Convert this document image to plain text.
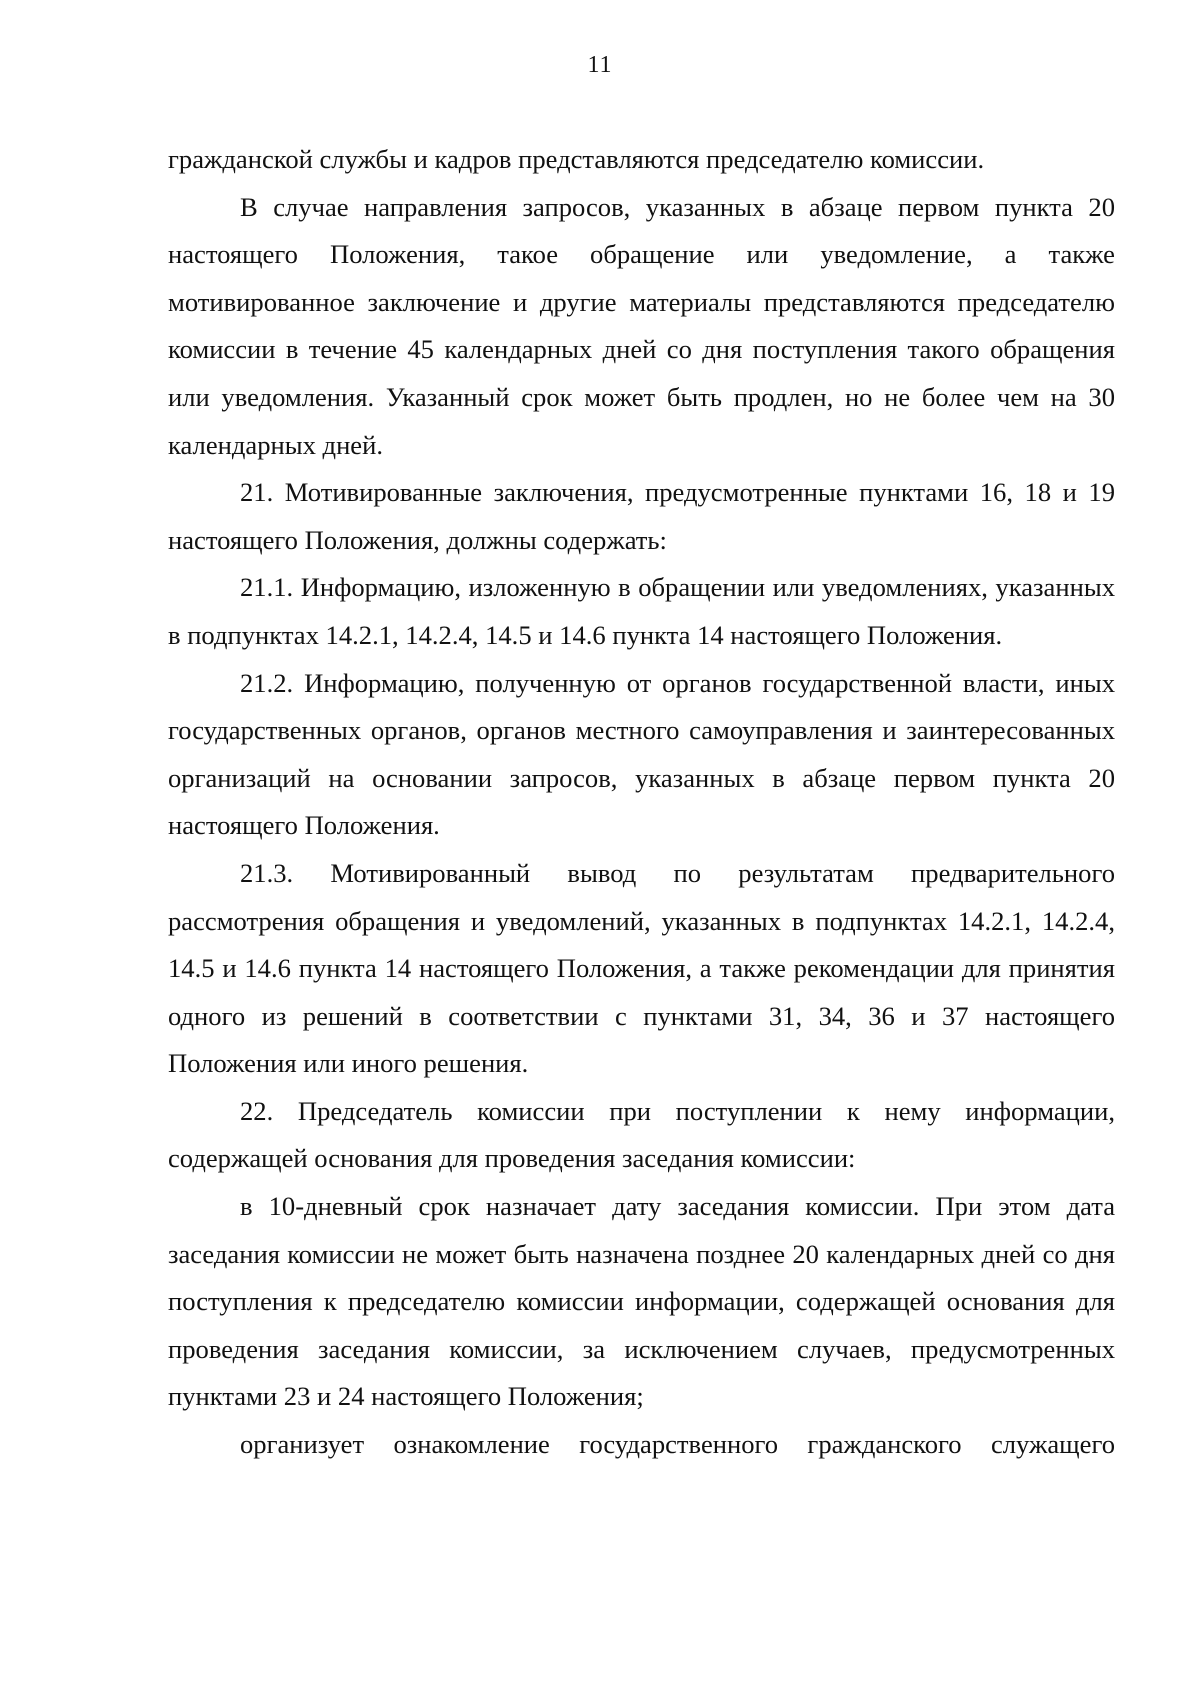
11

гражданской службы и кадров представляются председателю комиссии.

В случае направления запросов, указанных в абзаце первом пункта 20 настоящего Положения, такое обращение или уведомление, а также мотивированное заключение и другие материалы представляются председателю комиссии в течение 45 календарных дней со дня поступления такого обращения или уведомления. Указанный срок может быть продлен, но не более чем на 30 календарных дней.

21. Мотивированные заключения, предусмотренные пунктами 16, 18 и 19 настоящего Положения, должны содержать:

21.1. Информацию, изложенную в обращении или уведомлениях, указанных в подпунктах 14.2.1, 14.2.4, 14.5 и 14.6 пункта 14 настоящего Положения.

21.2. Информацию, полученную от органов государственной власти, иных государственных органов, органов местного самоуправления и заинтересованных организаций на основании запросов, указанных в абзаце первом пункта 20 настоящего Положения.

21.3. Мотивированный вывод по результатам предварительного рассмотрения обращения и уведомлений, указанных в подпунктах 14.2.1, 14.2.4, 14.5 и 14.6 пункта 14 настоящего Положения, а также рекомендации для принятия одного из решений в соответствии с пунктами 31, 34, 36 и 37 настоящего Положения или иного решения.

22. Председатель комиссии при поступлении к нему информации, содержащей основания для проведения заседания комиссии:

в 10-дневный срок назначает дату заседания комиссии. При этом дата заседания комиссии не может быть назначена позднее 20 календарных дней со дня поступления к председателю комиссии информации, содержащей основания для проведения заседания комиссии, за исключением случаев, предусмотренных пунктами 23 и 24 настоящего Положения;

организует ознакомление государственного гражданского служащего
